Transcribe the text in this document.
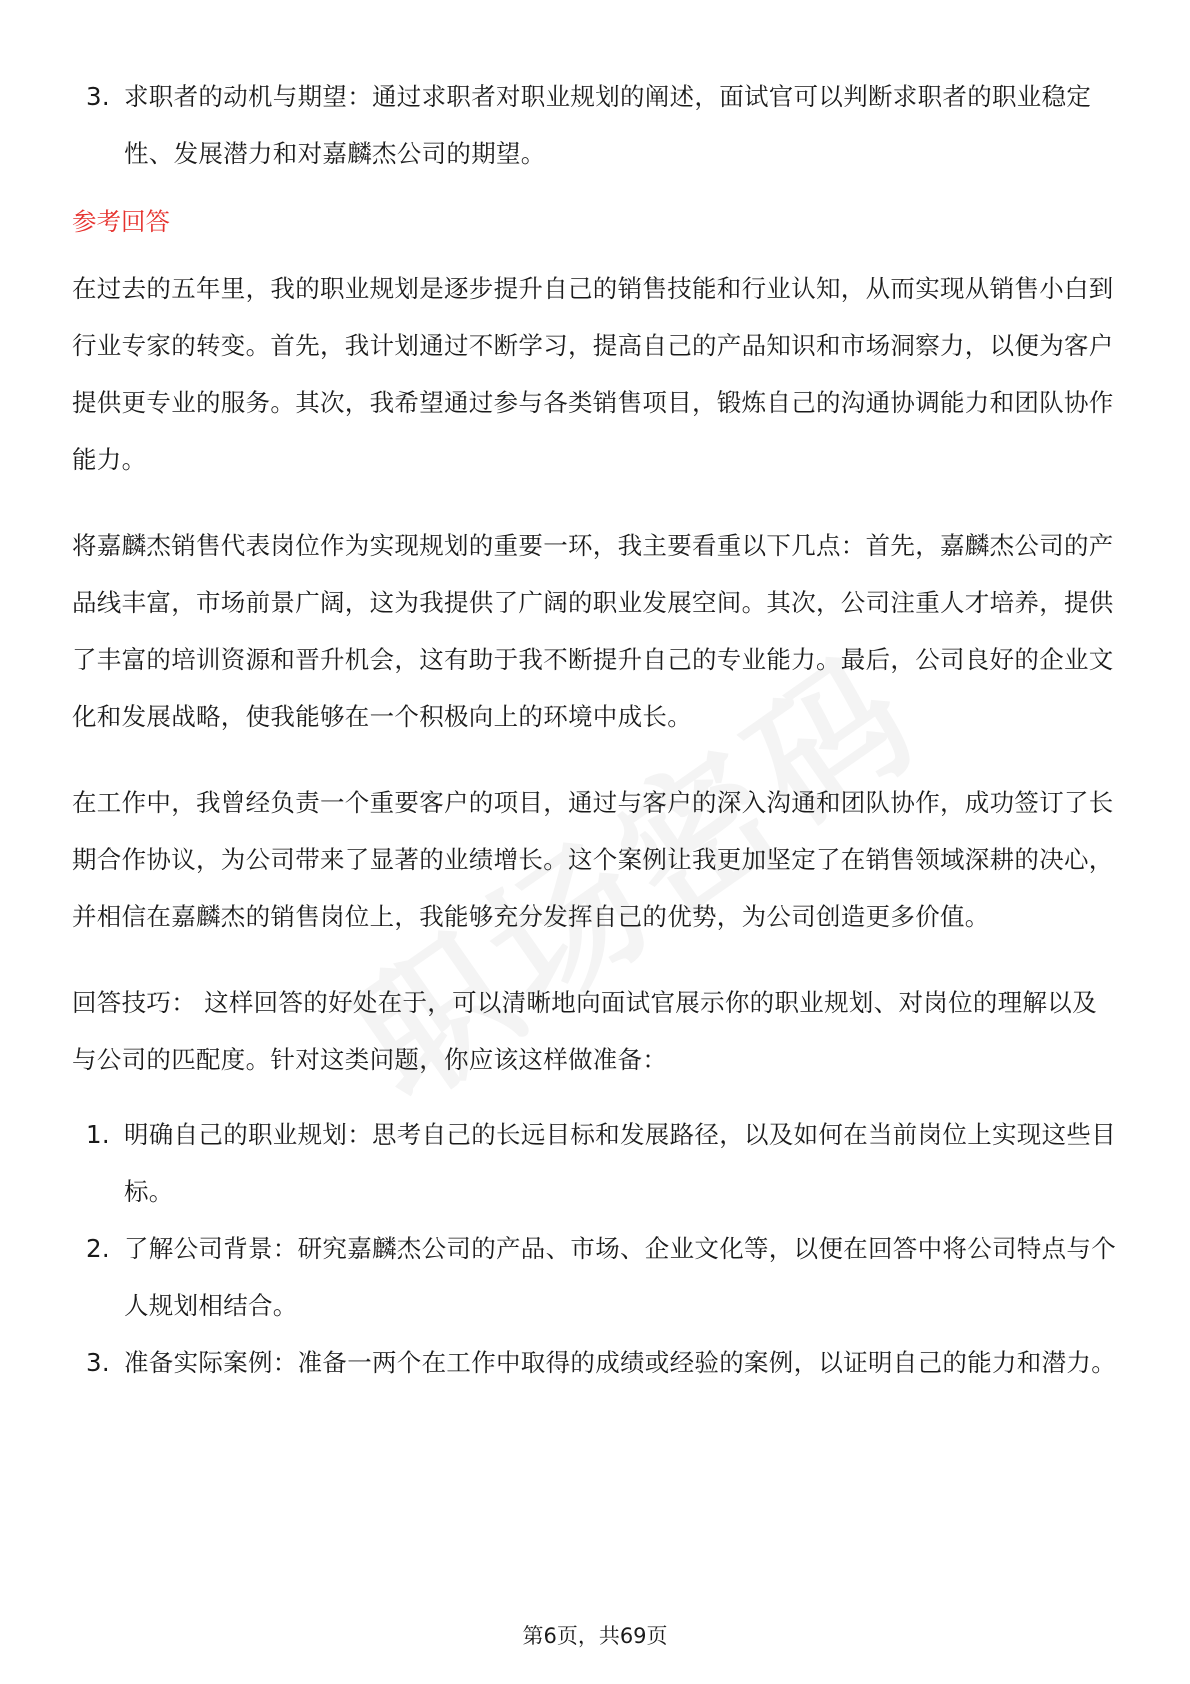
3. 求职者的动机与期望：通过求职者对职业规划的阐述，面试官可以判断求职者的职业稳定性、发展潜力和对嘉麟杰公司的期望。
参考回答

在过去的五年里，我的职业规划是逐步提升自己的销售技能和行业认知，从而实现从销售小白到行业专家的转变。首先，我计划通过不断学习，提高自己的产品知识和市场洞察力，以便为客户提供更专业的服务。其次，我希望通过参与各类销售项目，锻炼自己的沟通协调能力和团队协作能力。

将嘉麟杰销售代表岗位作为实现规划的重要一环，我主要看重以下几点：首先，嘉麟杰公司的产品线丰富，市场前景广阔，这为我提供了广阔的职业发展空间。其次，公司注重人才培养，提供了丰富的培训资源和晋升机会，这有助于我不断提升自己的专业能力。最后，公司良好的企业文化和发展战略，使我能够在一个积极向上的环境中成长。

在工作中，我曾经负责一个重要客户的项目，通过与客户的深入沟通和团队协作，成功签订了长期合作协议，为公司带来了显著的业绩增长。这个案例让我更加坚定了在销售领域深耕的决心，并相信在嘉麟杰的销售岗位上，我能够充分发挥自己的优势，为公司创造更多价值。

回答技巧： 这样回答的好处在于，可以清晰地向面试官展示你的职业规划、对岗位的理解以及与公司的匹配度。针对这类问题，你应该这样做准备：

1. 明确自己的职业规划：思考自己的长远目标和发展路径，以及如何在当前岗位上实现这些目标。
2. 了解公司背景：研究嘉麟杰公司的产品、市场、企业文化等，以便在回答中将公司特点与个人规划相结合。
3. 准备实际案例：准备一两个在工作中取得的成绩或经验的案例，以证明自己的能力和潜力。
第6页，共69页
